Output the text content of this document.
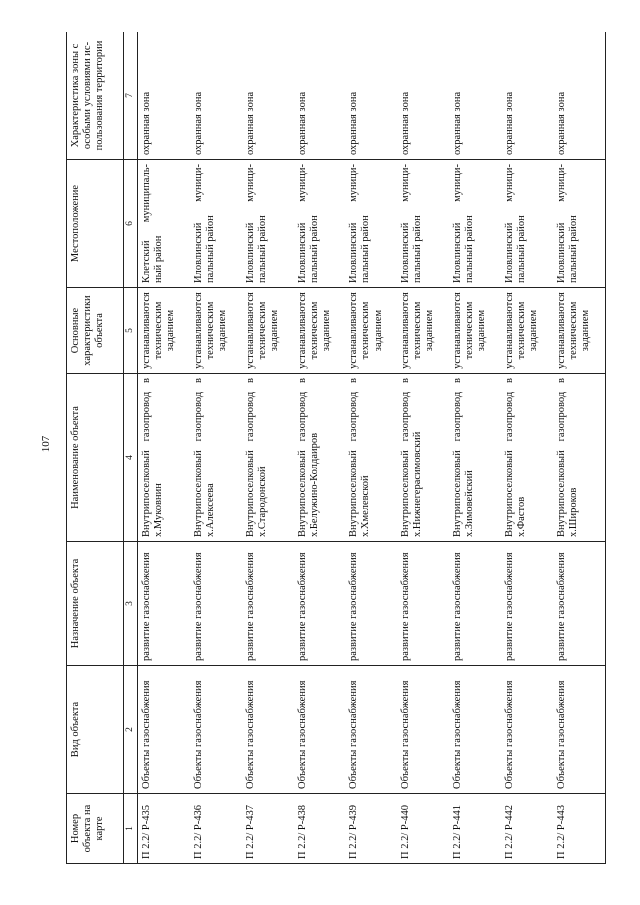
107
Номер объекта на карте	Вид объекта	Назначение объекта	Наименование объекта	Основные характеристики объекта	Местоположение	Характеристика зоны с особыми условиями ис-пользования территории
1	2	3	4	5	6	7
П 2.2/ Р-435	Объекты газоснабжения	развитие газоснабжения	Внутрипоселковый газопровод в х.Муковнин	устанавливаются техническим заданием	Клетский муниципаль-ный район	охранная зона
П 2.2/ Р-436	Объекты газоснабжения	развитие газоснабжения	Внутрипоселковый газопровод в х.Алексеева	устанавливаются техническим заданием	Иловлинский муници-пальный район	охранная зона
П 2.2/ Р-437	Объекты газоснабжения	развитие газоснабжения	Внутрипоселковый газопровод в х.Стародонской	устанавливаются техническим заданием	Иловлинский муници-пальный район	охранная зона
П 2.2/ Р-438	Объекты газоснабжения	развитие газоснабжения	Внутрипоселковый газопровод в х.Белужино-Колдаиров	устанавливаются техническим заданием	Иловлинский муници-пальный район	охранная зона
П 2.2/ Р-439	Объекты газоснабжения	развитие газоснабжения	Внутрипоселковый газопровод в х.Хмелевской	устанавливаются техническим заданием	Иловлинский муници-пальный район	охранная зона
П 2.2/ Р-440	Объекты газоснабжения	развитие газоснабжения	Внутрипоселковый газопровод в х.Нижнегерасимовский	устанавливаются техническим заданием	Иловлинский муници-пальный район	охранная зона
П 2.2/ Р-441	Объекты газоснабжения	развитие газоснабжения	Внутрипоселковый газопровод в х.Зимовейский	устанавливаются техническим заданием	Иловлинский муници-пальный район	охранная зона
П 2.2/ Р-442	Объекты газоснабжения	развитие газоснабжения	Внутрипоселковый газопровод в х.Фастов	устанавливаются техническим заданием	Иловлинский муници-пальный район	охранная зона
П 2.2/ Р-443	Объекты газоснабжения	развитие газоснабжения	Внутрипоселковый газопровод в х.Широков	устанавливаются техническим заданием	Иловлинский муници-пальный район	охранная зона
